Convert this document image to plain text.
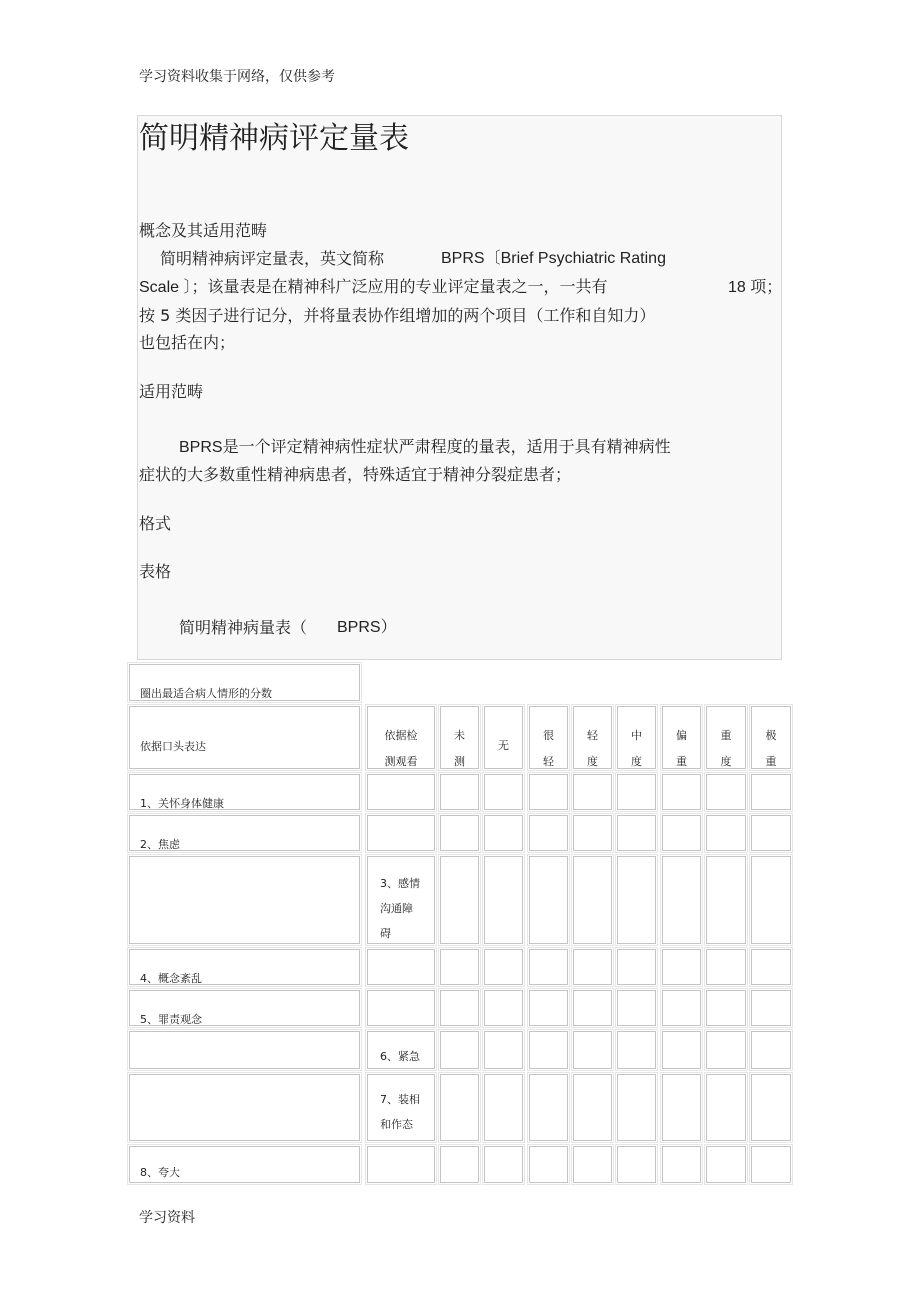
学习资料收集于网络，仅供参考
简明精神病评定量表
概念及其适用范畴
简明精神病评定量表，英文简称	BPRS〔Brief Psychiatric Rating
Scale 〕；该量表是在精神科广泛应用的专业评定量表之一，一共有	18 项；
按 5 类因子进行记分，并将量表协作组增加的两个项目（工作和自知力）
也包括在内；
适用范畴
BPRS是一个评定精神病性症状严肃程度的量表，适用于具有精神病性
症状的大多数重性精神病患者，特殊适宜于精神分裂症患者；
格式
表格
简明精神病量表（ BPRS）
圈出最适合病人情形的分数
依据口头表达
依据检
测观看
未
测
无
很
轻
轻
度
中
度
偏
重
重
度
极
重
1、关怀身体健康
2、焦虑
3、感情
沟通障
碍
4、概念紊乱
5、罪责观念
6、紧急
7、装相
和作态
8、夸大
学习资料
